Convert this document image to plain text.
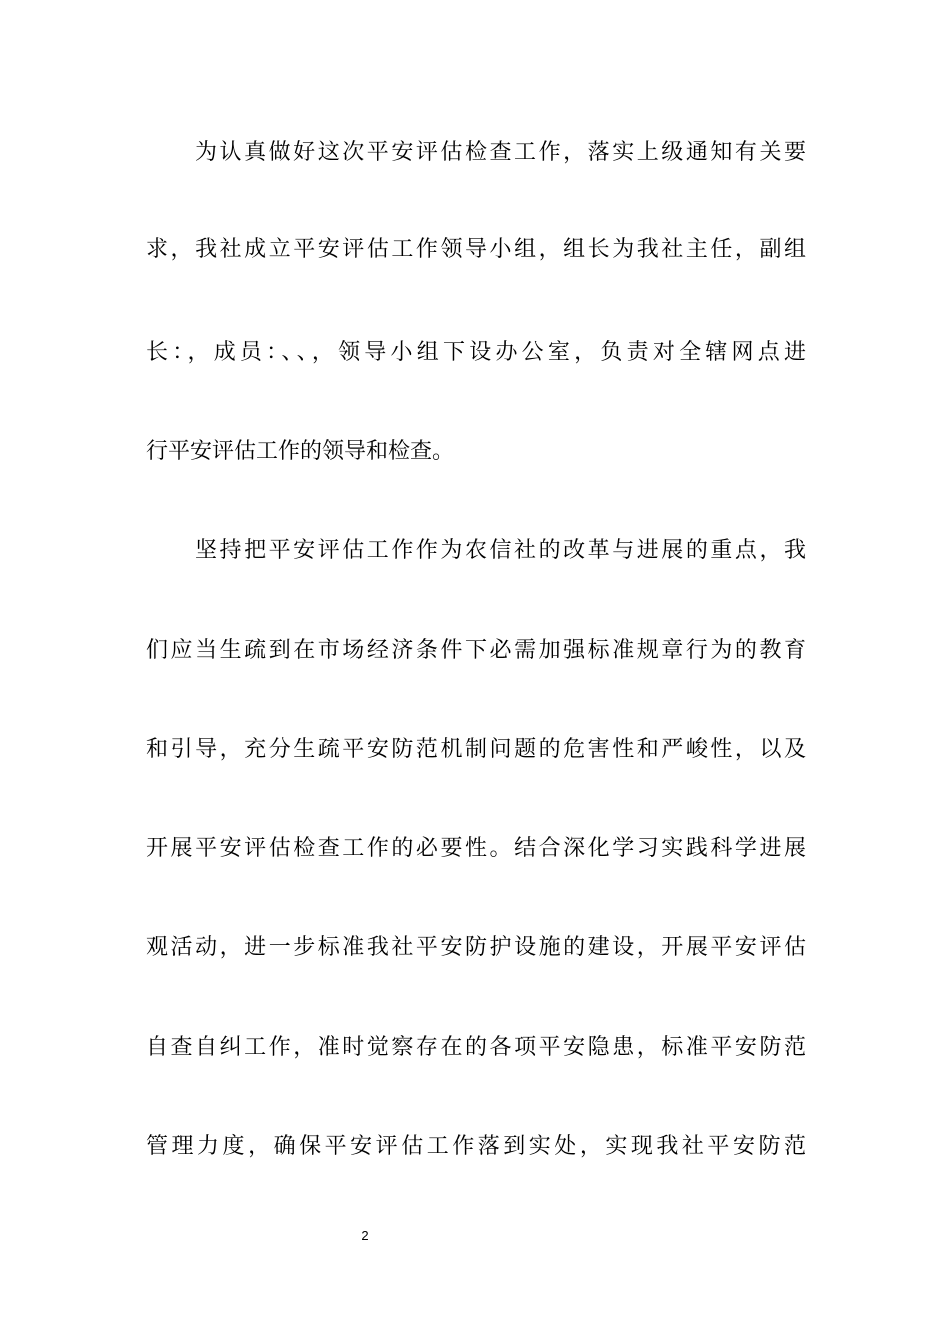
为认真做好这次平安评估检查工作，落实上级通知有关要
求，我社成立平安评估工作领导小组，组长为我社主任，副组
长：，成员：、、，领导小组下设办公室，负责对全辖网点进
行平安评估工作的领导和检查。
坚持把平安评估工作作为农信社的改革与进展的重点，我
们应当生疏到在市场经济条件下必需加强标准规章行为的教育
和引导，充分生疏平安防范机制问题的危害性和严峻性，以及
开展平安评估检查工作的必要性。结合深化学习实践科学进展
观活动，进一步标准我社平安防护设施的建设，开展平安评估
自查自纠工作，准时觉察存在的各项平安隐患，标准平安防范
管理力度，确保平安评估工作落到实处，实现我社平安防范
2
